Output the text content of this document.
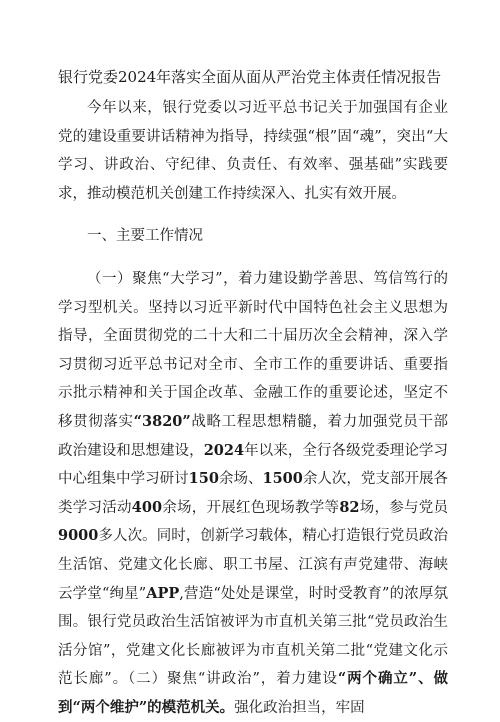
银行党委2024年落实全面从面从严治党主体责任情况报告

今年以来，银行党委以习近平总书记关于加强国有企业党的建设重要讲话精神为指导，持续强“根”固“魂”，突出“大学习、讲政治、守纪律、负责任、有效率、强基础”实践要求，推动模范机关创建工作持续深入、扎实有效开展。

一、主要工作情况

（一）聚焦“大学习”，着力建设勤学善思、笃信笃行的学习型机关。坚持以习近平新时代中国特色社会主义思想为指导，全面贯彻党的二十大和二十届历次全会精神，深入学习贯彻习近平总书记对全市、全市工作的重要讲话、重要指示批示精神和关于国企改革、金融工作的重要论述，坚定不移贯彻落实“3820”战略工程思想精髓，着力加强党员干部政治建设和思想建设，2024年以来，全行各级党委理论学习中心组集中学习研讨150余场、1500余人次，党支部开展各类学习活动400余场，开展红色现场教学等82场，参与党员9000多人次。同时，创新学习载体，精心打造银行党员政治生活馆、党建文化长廊、职工书屋、江滨有声党建带、海峡云学堂“绚星”APP,营造“处处是课堂，时时受教育”的浓厚氛围。银行党员政治生活馆被评为市直机关第三批“党员政治生活分馆”，党建文化长廊被评为市直机关第二批“党建文化示范长廊”。（二）聚焦“讲政治”，着力建设“两个确立”、做到“两个维护”的模范机关。强化政治担当，牢固
